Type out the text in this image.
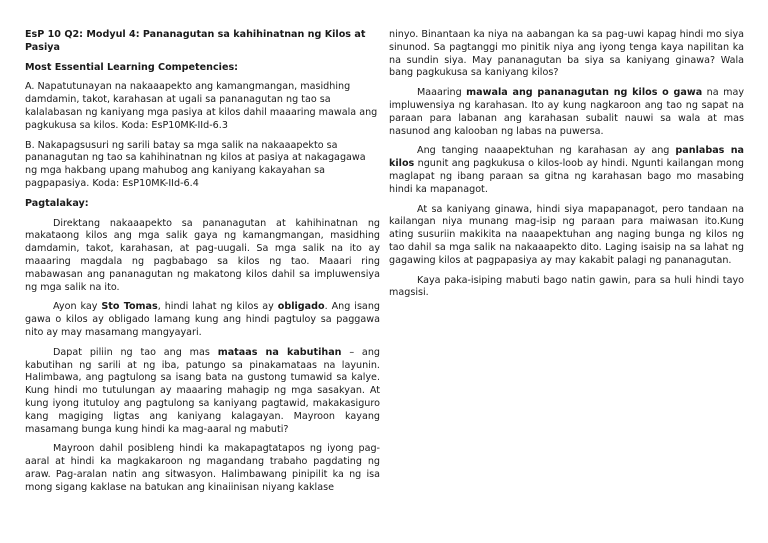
EsP 10 Q2: Modyul 4: Pananagutan sa kahihinatnan ng Kilos at Pasiya

Most Essential Learning Competencies:

A. Napatutunayan na nakaaapekto ang kamangmangan, masidhing damdamin, takot, karahasan at ugali sa pananagutan ng tao sa kalalabasan ng kaniyang mga pasiya at kilos dahil maaaring mawala ang pagkukusa sa kilos. Koda: EsP10MK-IId-6.3

B. Nakapagsusuri ng sarili batay sa mga salik na nakaaapekto sa pananagutan ng tao sa kahihinatnan ng kilos at pasiya at nakagagawa ng mga hakbang upang mahubog ang kaniyang kakayahan sa pagpapasiya. Koda: EsP10MK-IId-6.4

Pagtalakay:

Direktang nakaaapekto sa pananagutan at kahihinatnan ng makataong kilos ang mga salik gaya ng kamangmangan, masidhing damdamin, takot, karahasan, at pag-uugali. Sa mga salik na ito ay maaaring magdala ng pagbabago sa kilos ng tao. Maaari ring mabawasan ang pananagutan ng makatong kilos dahil sa impluwensiya ng mga salik na ito.

Ayon kay Sto Tomas, hindi lahat ng kilos ay obligado. Ang isang gawa o kilos ay obligado lamang kung ang hindi pagtuloy sa paggawa nito ay may masamang mangyayari.

Dapat piliin ng tao ang mas mataas na kabutihan – ang kabutihan ng sarili at ng iba, patungo sa pinakamataas na layunin. Halimbawa, ang pagtulong sa isang bata na gustong tumawid sa kalye. Kung hindi mo tutulungan ay maaaring mahagip ng mga sasakyan. At kung iyong itutuloy ang pagtulong sa kaniyang pagtawid, makakasiguro kang magiging ligtas ang kaniyang kalagayan. Mayroon kayang masamang bunga kung hindi ka mag-aaral ng mabuti?

Mayroon dahil posibleng hindi ka makapagtatapos ng iyong pag-aaral at hindi ka magkakaroon ng magandang trabaho pagdating ng araw. Pag-aralan natin ang sitwasyon. Halimbawang pinipilit ka ng isa mong sigang kaklase na batukan ang kinaiinisan niyang kaklase

ninyo. Binantaan ka niya na aabangan ka sa pag-uwi kapag hindi mo siya sinunod. Sa pagtanggi mo pinitik niya ang iyong tenga kaya napilitan ka na sundin siya. May pananagutan ba siya sa kaniyang ginawa? Wala bang pagkukusa sa kaniyang kilos?

Maaaring mawala ang pananagutan ng kilos o gawa na may impluwensiya ng karahasan. Ito ay kung nagkaroon ang tao ng sapat na paraan para labanan ang karahasan subalit nauwi sa wala at mas nasunod ang kalooban ng labas na puwersa.

Ang tanging naaapektuhan ng karahasan ay ang panlabas na kilos ngunit ang pagkukusa o kilos-loob ay hindi. Ngunti kailangan mong maglapat ng ibang paraan sa gitna ng karahasan bago mo masabing hindi ka mapanagot.

At sa kaniyang ginawa, hindi siya mapapanagot, pero tandaan na kailangan niya munang mag-isip ng paraan para maiwasan ito.Kung ating susuriin makikita na naaapektuhan ang naging bunga ng kilos ng tao dahil sa mga salik na nakaaapekto dito. Laging isaisip na sa lahat ng gagawing kilos at pagpapasiya ay may kakabit palagi ng pananagutan.

Kaya paka-isiping mabuti bago natin gawin, para sa huli hindi tayo magsisi.
